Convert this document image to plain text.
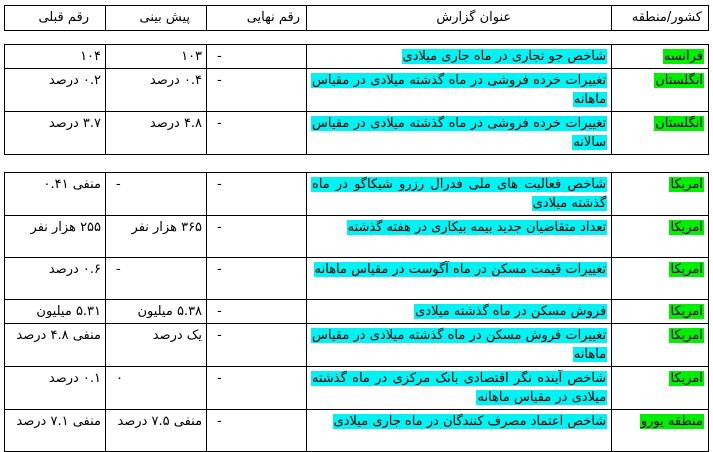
کشور/منطقه	عنوان گزارش	رقم نهایی	پیش بینی	رقم قبلی
فرانسه	شاخص جو تجاری در ماه جاری میلادی	-	۱۰۳	۱۰۴
انگلستان	تغییرات خرده فروشی در ماه گذشته میلادی در مقیاس ماهانه	-	۰.۴ درصد	۰.۲ درصد
انگلستان	تغییرات خرده فروشی در ماه گذشته میلادی در مقیاس سالانه	-	۴.۸ درصد	۳.۷ درصد
امریکا	شاخص فعالیت های ملی فدرال رزرو شیکاگو در ماه گذشته میلادی	-	-	منفی ۰.۴۱
امریکا	تعداد متقاضیان جدید بیمه بیکاری در هفته گذشته	-	۳۶۵ هزار نفر	۲۵۵ هزار نفر
امریکا	تغییرات قیمت مسکن در ماه آگوست در مقیاس ماهانه	-	-	۰.۶ درصد
امریکا	فروش مسکن در ماه گذشته میلادی	-	۵.۳۸ میلیون	۵.۳۱ میلیون
امریکا	تغییرات فروش مسکن در ماه گذشته میلادی در مقیاس ماهانه	-	یک درصد	منفی ۴.۸ درصد
امریکا	شاخص آینده نگر اقتصادی بانک مرکزی در ماه گذشته میلادی در مقیاس ماهانه	-	۰	۰.۱ درصد
منطقه یورو	شاخص اعتماد مصرف کنندگان در ماه جاری میلادی	-	منفی ۷.۵ درصد	منفی ۷.۱ درصد
